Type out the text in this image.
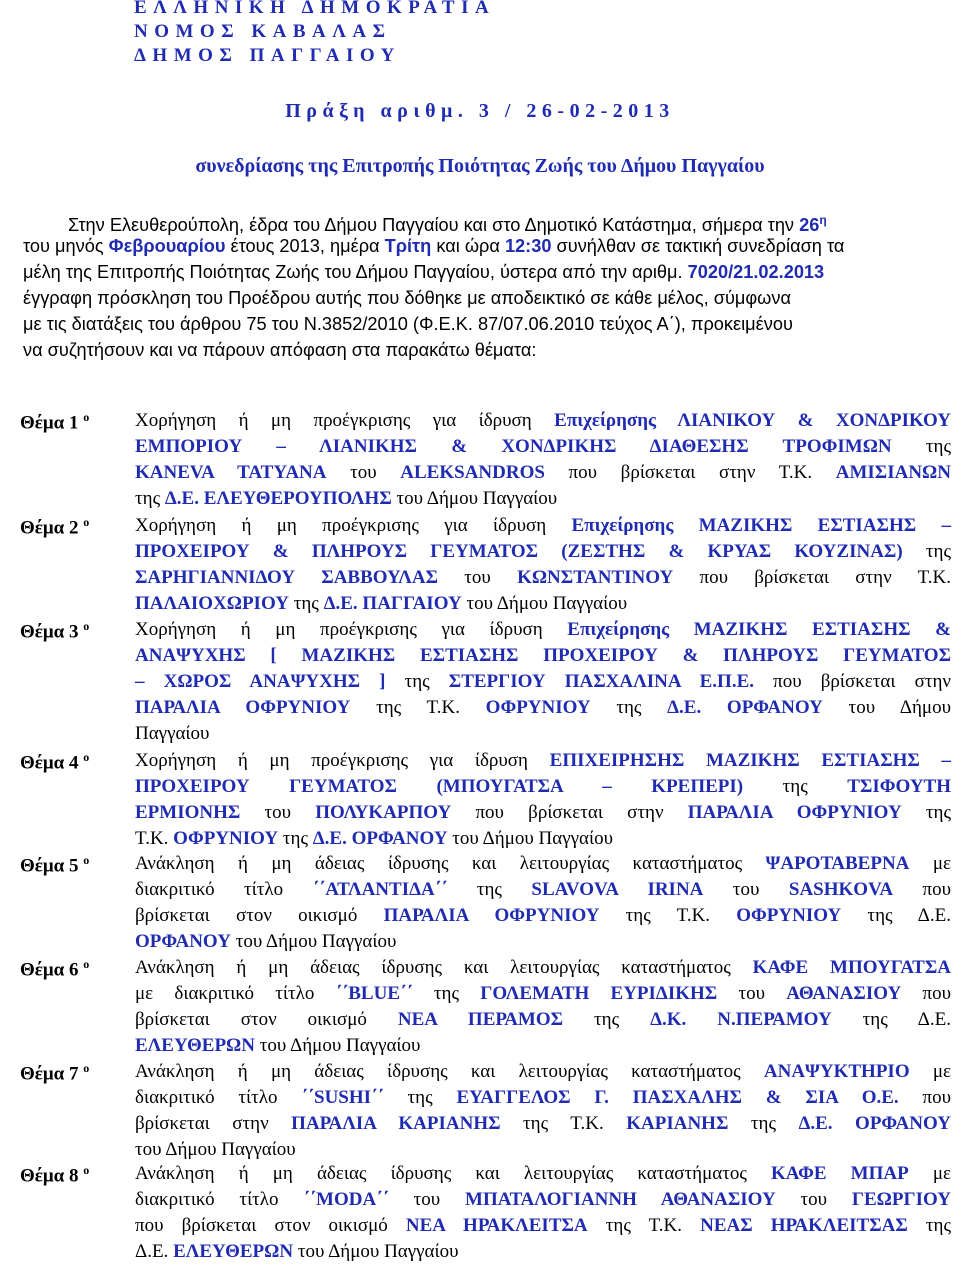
ΕΛΛΗΝΙΚΗ ΔΗΜΟΚΡΑΤΙΑ
ΝΟΜΟΣ ΚΑΒΑΛΑΣ
ΔΗΜΟΣ ΠΑΓΓΑΙΟΥ
Πράξη αριθμ. 3 / 26-02-2013
συνεδρίασης της Επιτροπής Ποιότητας Ζωής του Δήμου Παγγαίου
Στην Ελευθερούπολη, έδρα του Δήμου Παγγαίου και στο Δημοτικό Κατάστημα, σήμερα την $26^\eta$
του μηνός Φεβρουαρίου έτους 2013, ημέρα Τρίτη και ώρα 12:30 συνήλθαν σε τακτική συνεδρίαση τα
μέλη της Επιτροπής Ποιότητας Ζωής του Δήμου Παγγαίου, ύστερα από την αριθμ. 7020/21.02.2013
έγγραφη πρόσκληση του Προέδρου αυτής που δόθηκε με αποδεικτικό σε κάθε μέλος, σύμφωνα
με τις διατάξεις του άρθρου 75 του Ν.3852/2010 (Φ.Ε.Κ. 87/07.06.2010 τεύχος Α΄), προκειμένου
να συζητήσουν και να πάρουν απόφαση στα παρακάτω θέματα:
Θέμα 1 $^o$ Χορήγηση ή μη προέγκρισης για ίδρυση Επιχείρησης ΛΙΑΝΙΚΟΥ & ΧΟΝΔΡΙΚΟΥ
ΕΜΠΟΡΙΟΥ – ΛΙΑΝΙΚΗΣ & ΧΟΝΔΡΙΚΗΣ ΔΙΑΘΕΣΗΣ ΤΡΟΦΙΜΩΝ της
KANEVA TATYANA του ALEKSANDROS που βρίσκεται στην Τ.Κ. ΑΜΙΣΙΑΝΩΝ
της Δ.Ε. ΕΛΕΥΘΕΡΟΥΠΟΛΗΣ του Δήμου Παγγαίου
Θέμα 2 $^o$ Χορήγηση ή μη προέγκρισης για ίδρυση Επιχείρησης ΜΑΖΙΚΗΣ ΕΣΤΙΑΣΗΣ –
ΠΡΟΧΕΙΡΟΥ & ΠΛΗΡΟΥΣ ΓΕΥΜΑΤΟΣ (ΖΕΣΤΗΣ & ΚΡΥΑΣ ΚΟΥΖΙΝΑΣ) της
ΣΑΡΗΓΙΑΝΝΙΔΟΥ ΣΑΒΒΟΥΛΑΣ του ΚΩΝΣΤΑΝΤΙΝΟΥ που βρίσκεται στην Τ.Κ.
ΠΑΛΑΙΟΧΩΡΙΟΥ της Δ.Ε. ΠΑΓΓΑΙΟΥ του Δήμου Παγγαίου
Θέμα 3 $^o$ Χορήγηση ή μη προέγκρισης για ίδρυση Επιχείρησης ΜΑΖΙΚΗΣ ΕΣΤΙΑΣΗΣ &
ΑΝΑΨΥΧΗΣ [ ΜΑΖΙΚΗΣ ΕΣΤΙΑΣΗΣ ΠΡΟΧΕΙΡΟΥ & ΠΛΗΡΟΥΣ ΓΕΥΜΑΤΟΣ
– ΧΩΡΟΣ ΑΝΑΨΥΧΗΣ ] της ΣΤΕΡΓΙΟΥ ΠΑΣΧΑΛΙΝΑ Ε.Π.Ε. που βρίσκεται στην
ΠΑΡΑΛΙΑ ΟΦΡΥΝΙΟΥ της Τ.Κ. ΟΦΡΥΝΙΟΥ της Δ.Ε. ΟΡΦΑΝΟΥ του Δήμου
Παγγαίου
Θέμα 4 $^o$ Χορήγηση ή μη προέγκρισης για ίδρυση ΕΠΙΧΕΙΡΗΣΗΣ ΜΑΖΙΚΗΣ ΕΣΤΙΑΣΗΣ –
ΠΡΟΧΕΙΡΟΥ ΓΕΥΜΑΤΟΣ (ΜΠΟΥΓΑΤΣΑ – ΚΡΕΠΕΡΙ) της ΤΣΙΦΟΥΤΗ
ΕΡΜΙΟΝΗΣ του ΠΟΛΥΚΑΡΠΟΥ που βρίσκεται στην ΠΑΡΑΛΙΑ ΟΦΡΥΝΙΟΥ της
Τ.Κ. ΟΦΡΥΝΙΟΥ της Δ.Ε. ΟΡΦΑΝΟΥ του Δήμου Παγγαίου
Θέμα 5 $^o$ Ανάκληση ή μη άδειας ίδρυσης και λειτουργίας καταστήματος ΨΑΡΟΤΑΒΕΡΝΑ με
διακριτικό τίτλο ΄΄ΑΤΛΑΝΤΙΔΑ΄΄ της SLAVOVA IRINA του SASHKOVA που
βρίσκεται στον οικισμό ΠΑΡΑΛΙΑ ΟΦΡΥΝΙΟΥ της Τ.Κ. ΟΦΡΥΝΙΟΥ της Δ.Ε.
ΟΡΦΑΝΟΥ του Δήμου Παγγαίου
Θέμα 6 $^o$ Ανάκληση ή μη άδειας ίδρυσης και λειτουργίας καταστήματος ΚΑΦΕ ΜΠΟΥΓΑΤΣΑ
με διακριτικό τίτλο ΄΄BLUE΄΄ της ΓΟΛΕΜΑΤΗ ΕΥΡΙΔΙΚΗΣ του ΑΘΑΝΑΣΙΟΥ που
βρίσκεται στον οικισμό ΝΕΑ ΠΕΡΑΜΟΣ της Δ.Κ. Ν.ΠΕΡΑΜΟΥ της Δ.Ε.
ΕΛΕΥΘΕΡΩΝ του Δήμου Παγγαίου
Θέμα 7 $^o$ Ανάκληση ή μη άδειας ίδρυσης και λειτουργίας καταστήματος ΑΝΑΨΥΚΤΗΡΙΟ με
διακριτικό τίτλο ΄΄SUSHI΄΄ της ΕΥΑΓΓΕΛΟΣ Γ. ΠΑΣΧΑΛΗΣ & ΣΙΑ Ο.Ε. που
βρίσκεται στην ΠΑΡΑΛΙΑ ΚΑΡΙΑΝΗΣ της Τ.Κ. ΚΑΡΙΑΝΗΣ της Δ.Ε. ΟΡΦΑΝΟΥ
του Δήμου Παγγαίου
Θέμα 8 $^o$ Ανάκληση ή μη άδειας ίδρυσης και λειτουργίας καταστήματος ΚΑΦΕ ΜΠΑΡ με
διακριτικό τίτλο ΄΄MODA΄΄ του ΜΠΑΤΑΛΟΓΙΑΝΝΗ ΑΘΑΝΑΣΙΟΥ του ΓΕΩΡΓΙΟΥ
που βρίσκεται στον οικισμό ΝΕΑ ΗΡΑΚΛΕΙΤΣΑ της Τ.Κ. ΝΕΑΣ ΗΡΑΚΛΕΙΤΣΑΣ της
Δ.Ε. ΕΛΕΥΘΕΡΩΝ του Δήμου Παγγαίου
